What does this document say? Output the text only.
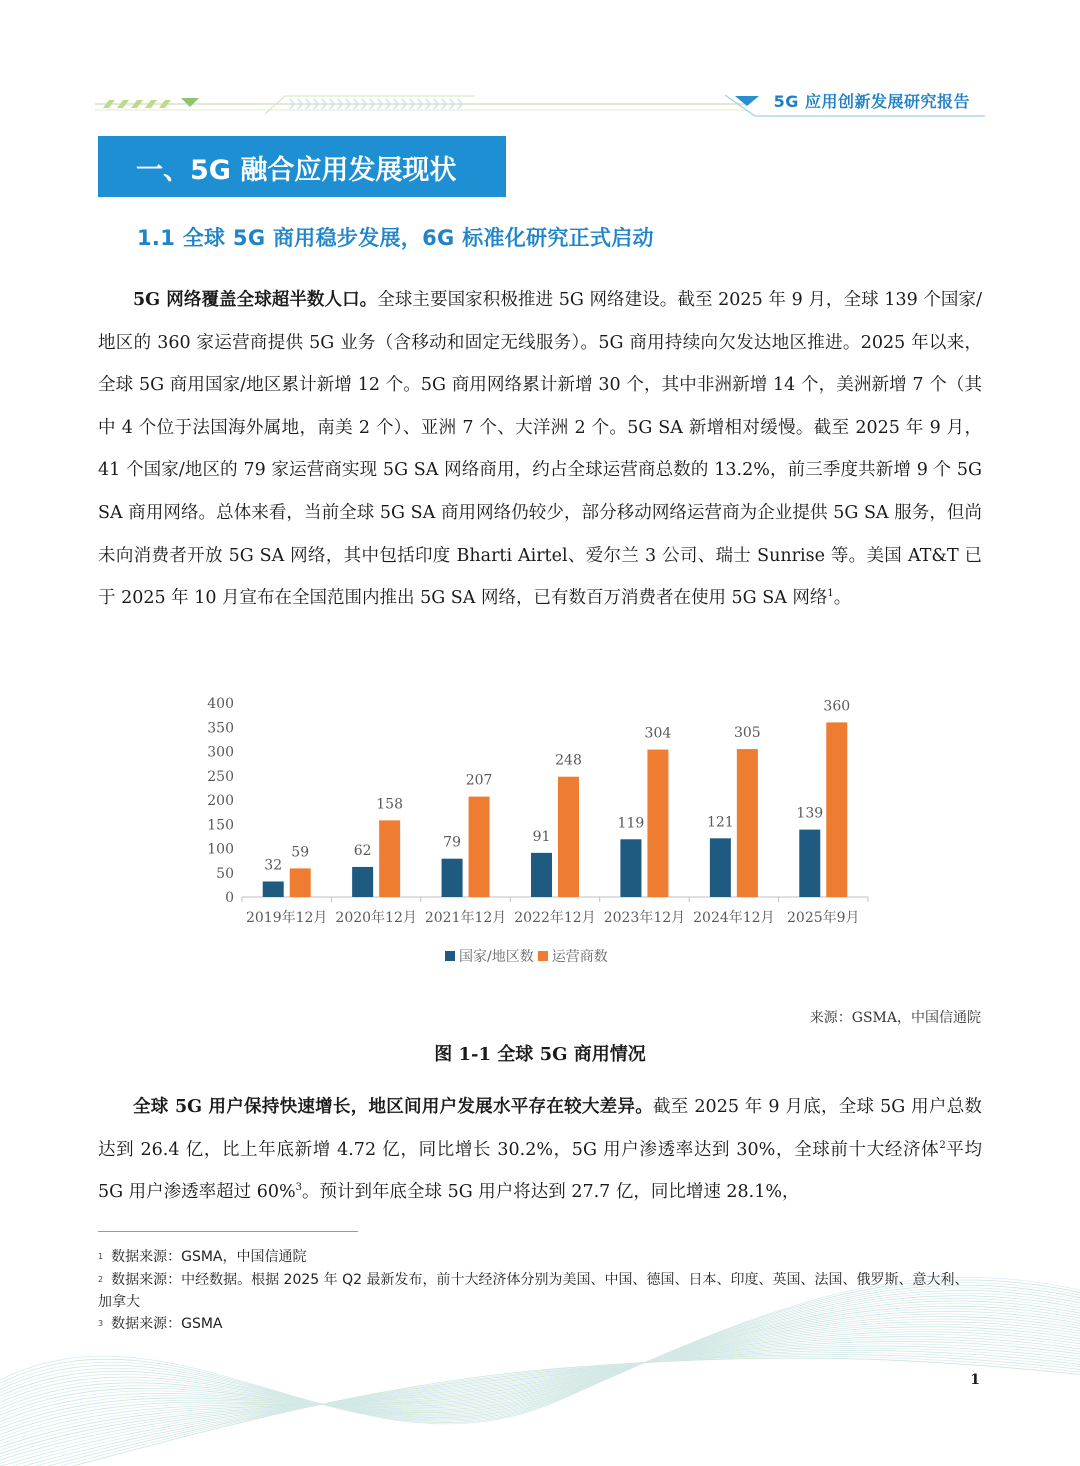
5G 应用创新发展研究报告
一、5G 融合应用发展现状
1.1 全球 5G 商用稳步发展，6G 标准化研究正式启动

5G 网络覆盖全球超半数人口。全球主要国家积极推进 5G 网络建设。截至 2025 年 9 月，全球 139 个国家/地区的 360 家运营商提供 5G 业务（含移动和固定无线服务）。5G 商用持续向欠发达地区推进。2025 年以来，全球 5G 商用国家/地区累计新增 12 个。5G 商用网络累计新增 30 个，其中非洲新增 14 个，美洲新增 7 个（其中 4 个位于法国海外属地，南美 2 个）、亚洲 7 个、大洋洲 2 个。5G SA 新增相对缓慢。截至 2025 年 9 月，41 个国家/地区的 79 家运营商实现 5G SA 网络商用，约占全球运营商总数的 13.2%，前三季度共新增 9 个 5G SA 商用网络。总体来看，当前全球 5G SA 商用网络仍较少，部分移动网络运营商为企业提供 5G SA 服务，但尚未向消费者开放 5G SA 网络，其中包括印度 Bharti Airtel、爱尔兰 3 公司、瑞士 Sunrise 等。美国 AT&T 已于 2025 年 10 月宣布在全国范围内推出 5G SA 网络，已有数百万消费者在使用 5G SA 网络$^1$。

0
50
100
150
200
250
300
350
400
32
59
2019年12月
62
158
2020年12月
79
207
2021年12月
91
248
2022年12月
119
304
2023年12月
121
305
2024年12月
139
360
2025年9月
国家/地区数 运营商数
来源：GSMA，中国信通院
图 1-1 全球 5G 商用情况

全球 5G 用户保持快速增长，地区间用户发展水平存在较大差异。截至 2025 年 9 月底，全球 5G 用户总数达到 26.4 亿，比上年底新增 4.72 亿，同比增长 30.2%，5G 用户渗透率达到 30%，全球前十大经济体$^2$平均 5G 用户渗透率超过 60%$^3$。预计到年底全球 5G 用户将达到 27.7 亿，同比增速 28.1%，

$^1$ 数据来源：GSMA，中国信通院

$^2$ 数据来源：中经数据。根据 2025 年 Q2 最新发布，前十大经济体分别为美国、中国、德国、日本、印度、英国、法国、俄罗斯、意大利、加拿大

$^3$ 数据来源：GSMA

1
